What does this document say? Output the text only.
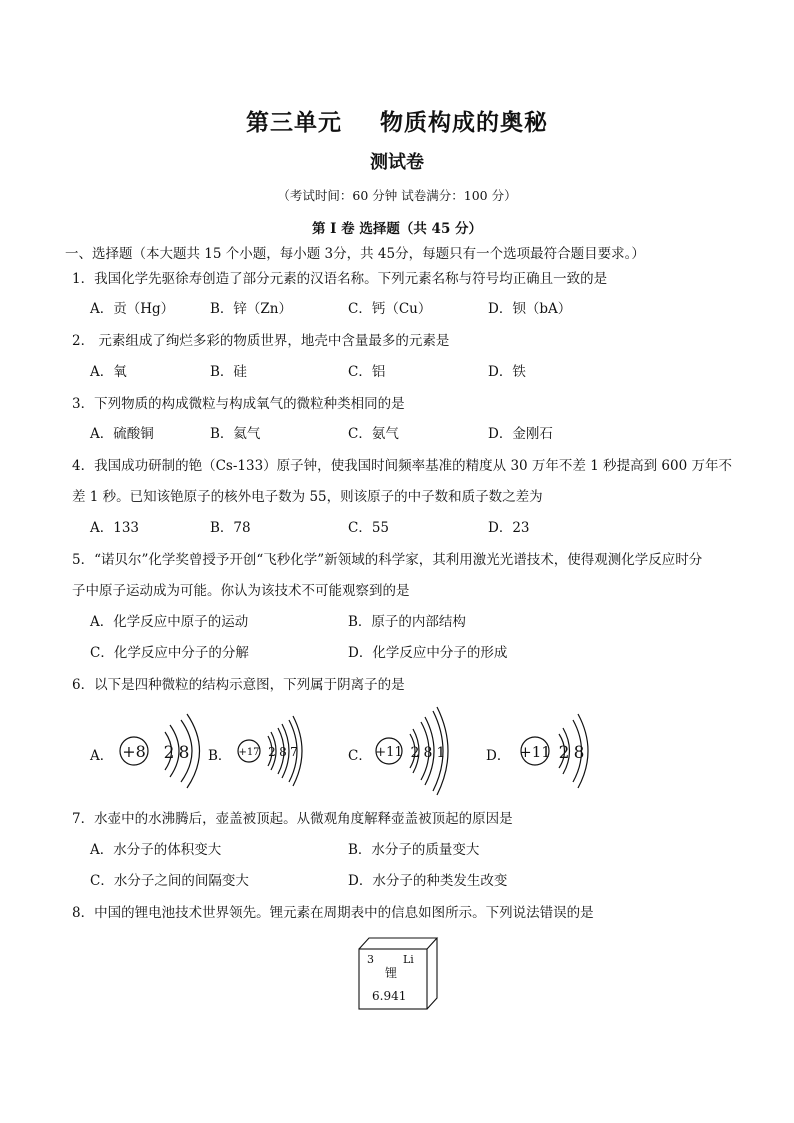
第三单元 物质构成的奥秘
测试卷
（考试时间：60 分钟 试卷满分：100 分）
第 I 卷 选择题（共 45 分）
一、选择题（本大题共 15 个小题，每小题 3分，共 45分，每题只有一个选项最符合题目要求。）
1．我国化学先驱徐寿创造了部分元素的汉语名称。下列元素名称与符号均正确且一致的是
A．贡（Hg）	B．锌（Zn）	C．钙（Cu）	D．钡（bA）
2． 元素组成了绚烂多彩的物质世界，地壳中含量最多的元素是
A．氧	B．硅	C．铝	D．铁
3．下列物质的构成微粒与构成氧气的微粒种类相同的是
A．硫酸铜	B．氦气	C．氨气	D．金刚石
4．我国成功研制的铯（Cs-133）原子钟，使我国时间频率基准的精度从 30 万年不差 1 秒提高到 600 万年不
差 1 秒。已知该铯原子的核外电子数为 55，则该原子的中子数和质子数之差为
A．133	B．78	C．55	D．23
5．“诺贝尔”化学奖曾授予开创“飞秒化学”新领域的科学家，其利用激光光谱技术，使得观测化学反应时分
子中原子运动成为可能。你认为该技术不可能观察到的是
A．化学反应中原子的运动	B．原子的内部结构
C．化学反应中分子的分解	D．化学反应中分子的形成
6．以下是四种微粒的结构示意图，下列属于阴离子的是
A．	B．	C．	D．
+8 2 8	+17 2 8 7	+11 2 8 1	+11 2 8
7．水壶中的水沸腾后，壶盖被顶起。从微观角度解释壶盖被顶起的原因是
A．水分子的体积变大	B．水分子的质量变大
C．水分子之间的间隔变大	D．水分子的种类发生改变
8．中国的锂电池技术世界领先。锂元素在周期表中的信息如图所示。下列说法错误的是
3	Li
锂
6.941
